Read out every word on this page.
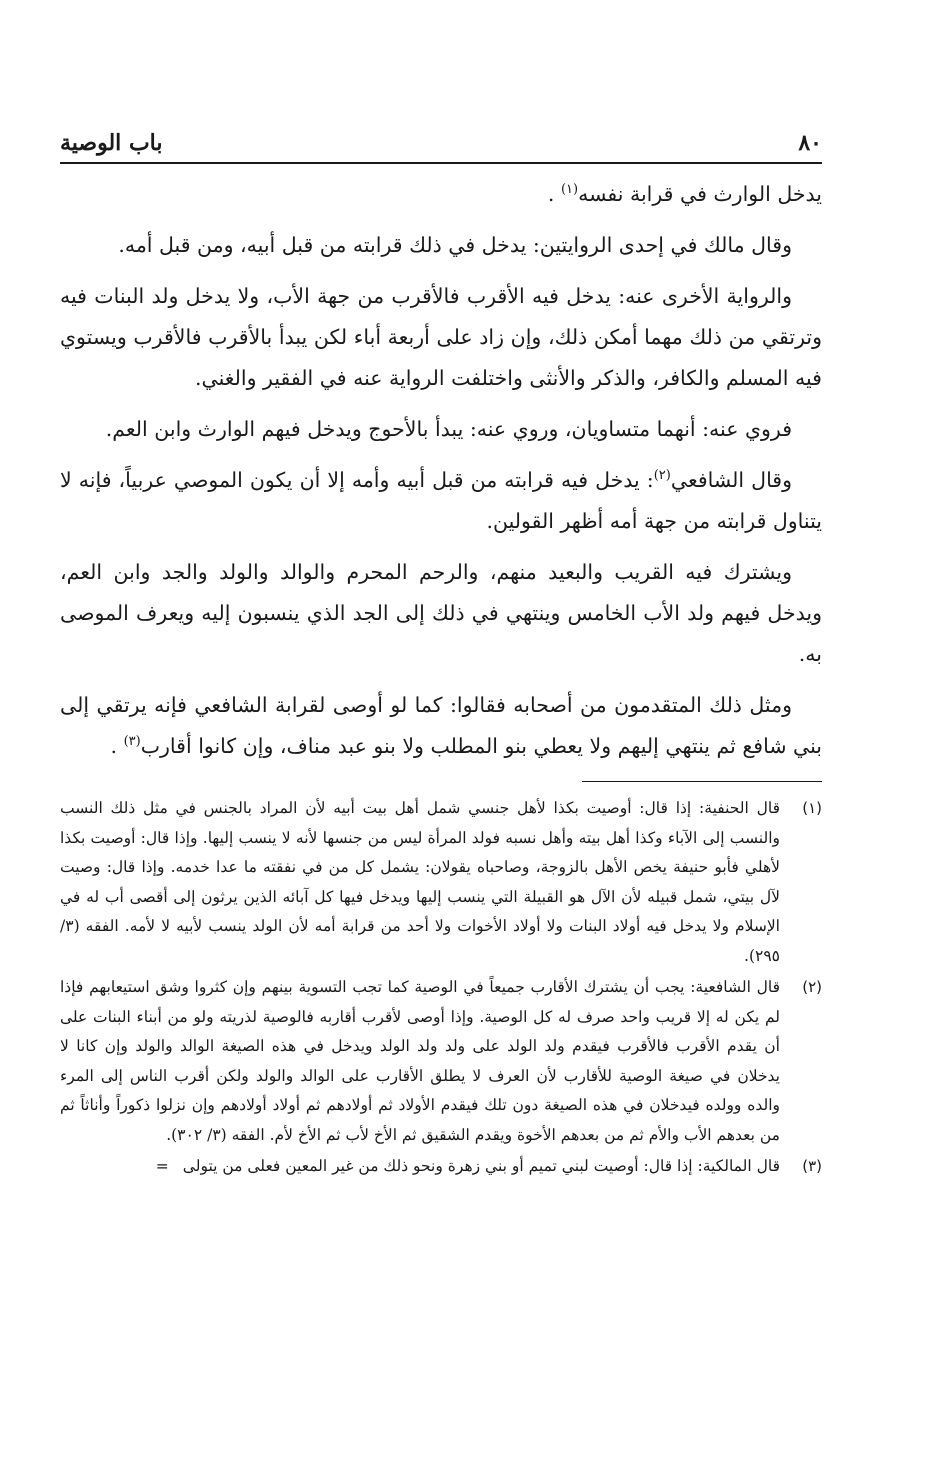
٨٠
باب الوصية

يدخل الوارث في قرابة نفسه$^{(١)}$ .

وقال مالك في إحدى الروايتين: يدخل في ذلك قرابته من قبل أبيه، ومن قبل أمه.

والرواية الأخرى عنه: يدخل فيه الأقرب فالأقرب من جهة الأب، ولا يدخل ولد البنات فيه وترتقي من ذلك مهما أمكن ذلك، وإن زاد على أربعة أباء لكن يبدأ بالأقرب فالأقرب ويستوي فيه المسلم والكافر، والذكر والأنثى واختلفت الرواية عنه في الفقير والغني.

فروي عنه: أنهما متساويان، وروي عنه: يبدأ بالأحوج ويدخل فيهم الوارث وابن العم.

وقال الشافعي$^{(٢)}$: يدخل فيه قرابته من قبل أبيه وأمه إلا أن يكون الموصي عربياً، فإنه لا يتناول قرابته من جهة أمه أظهر القولين.

ويشترك فيه القريب والبعيد منهم، والرحم المحرم والوالد والولد والجد وابن العم، ويدخل فيهم ولد الأب الخامس وينتهي في ذلك إلى الجد الذي ينسبون إليه ويعرف الموصى به.

ومثل ذلك المتقدمون من أصحابه فقالوا: كما لو أوصى لقرابة الشافعي فإنه يرتقي إلى بني شافع ثم ينتهي إليهم ولا يعطي بنو المطلب ولا بنو عبد مناف، وإن كانوا أقارب$^{(٣)}$ .

(١)
قال الحنفية: إذا قال: أوصيت بكذا لأهل جنسي شمل أهل بيت أبيه لأن المراد بالجنس في مثل ذلك النسب والنسب إلى الآباء وكذا أهل بيته وأهل نسبه فولد المرأة ليس من جنسها لأنه لا ينسب إليها. وإذا قال: أوصيت بكذا لأهلي فأبو حنيفة يخص الأهل بالزوجة، وصاحباه يقولان: يشمل كل من في نفقته ما عدا خدمه. وإذا قال: وصيت لآل بيتي، شمل قبيله لأن الآل هو القبيلة التي ينسب إليها ويدخل فيها كل آبائه الذين يرثون إلى أقصى أب له في الإسلام ولا يدخل فيه أولاد البنات ولا أولاد الأخوات ولا أحد من قرابة أمه لأن الولد ينسب لأبيه لا لأمه. الفقه (٣/ ٢٩٥).
(٢)
قال الشافعية: يجب أن يشترك الأقارب جميعاً في الوصية كما تجب التسوية بينهم وإن كثروا وشق استيعابهم فإذا لم يكن له إلا قريب واحد صرف له كل الوصية. وإذا أوصى لأقرب أقاربه فالوصية لذريته ولو من أبناء البنات على أن يقدم الأقرب فالأقرب فيقدم ولد الولد على ولد ولد الولد ويدخل في هذه الصيغة الوالد والولد وإن كانا لا يدخلان في صيغة الوصية للأقارب لأن العرف لا يطلق الأقارب على الوالد والولد ولكن أقرب الناس إلى المرء والده وولده فيدخلان في هذه الصيغة دون تلك فيقدم الأولاد ثم أولادهم ثم أولاد أولادهم وإن نزلوا ذكوراً وأناثاً ثم من بعدهم الأب والأم ثم من بعدهم الأخوة ويقدم الشقيق ثم الأخ لأب ثم الأخ لأم. الفقه (٣/ ٣٠٢).
(٣)
قال المالكية: إذا قال: أوصيت لبني تميم أو بني زهرة ونحو ذلك من غير المعين فعلى من يتولى=
